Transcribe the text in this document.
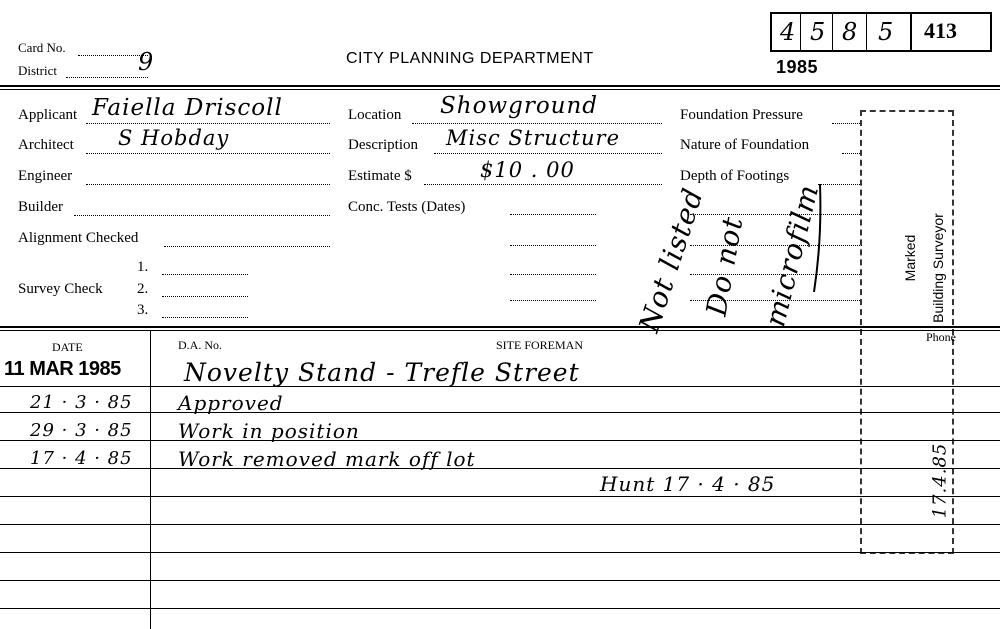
Card No.
District	9	CITY PLANNING DEPARTMENT	1985
4 5 8 5 413
Applicant Faiella Driscoll
Architect S Hobday
Engineer
Builder
Alignment Checked
Survey Check
1.
2.
3.
Location Showground
Description Misc Structure
Estimate $	$10 . 00
Conc. Tests (Dates)
Foundation Pressure
Nature of Foundation
Depth of Footings
Not listed
Do not microfilm	Marked Building Surveyor
17.4.85
DATE	D.A. No.	SITE FOREMAN
Phone
11 MAR 1985	Novelty Stand - Trefle Street
21 · 3 · 85 Approved
29 · 3 · 85 Work in position
17 · 4 · 85 Work removed mark off lot
Hunt 17 · 4 · 85
